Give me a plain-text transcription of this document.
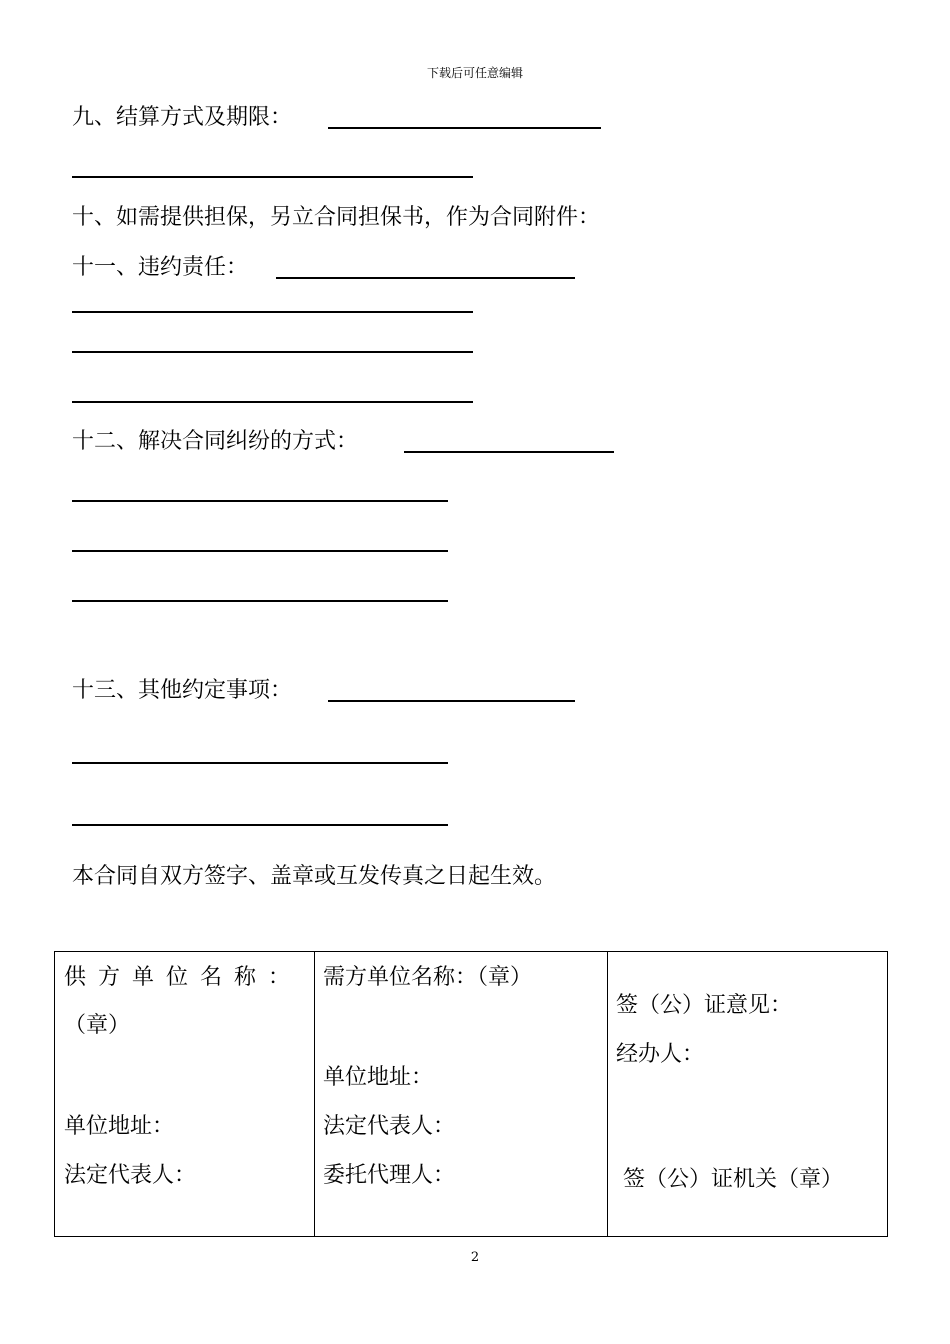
下载后可任意编辑
九、结算方式及期限：
十、如需提供担保，另立合同担保书，作为合同附件：
十一、违约责任：
十二、解决合同纠纷的方式：
十三、其他约定事项：
本合同自双方签字、盖章或互发传真之日起生效。
供方单位名称：
（章）
单位地址：
法定代表人：
需方单位名称：（章）
单位地址：
法定代表人：
委托代理人：
签（公）证意见：
经办人：
签（公）证机关（章）
2
